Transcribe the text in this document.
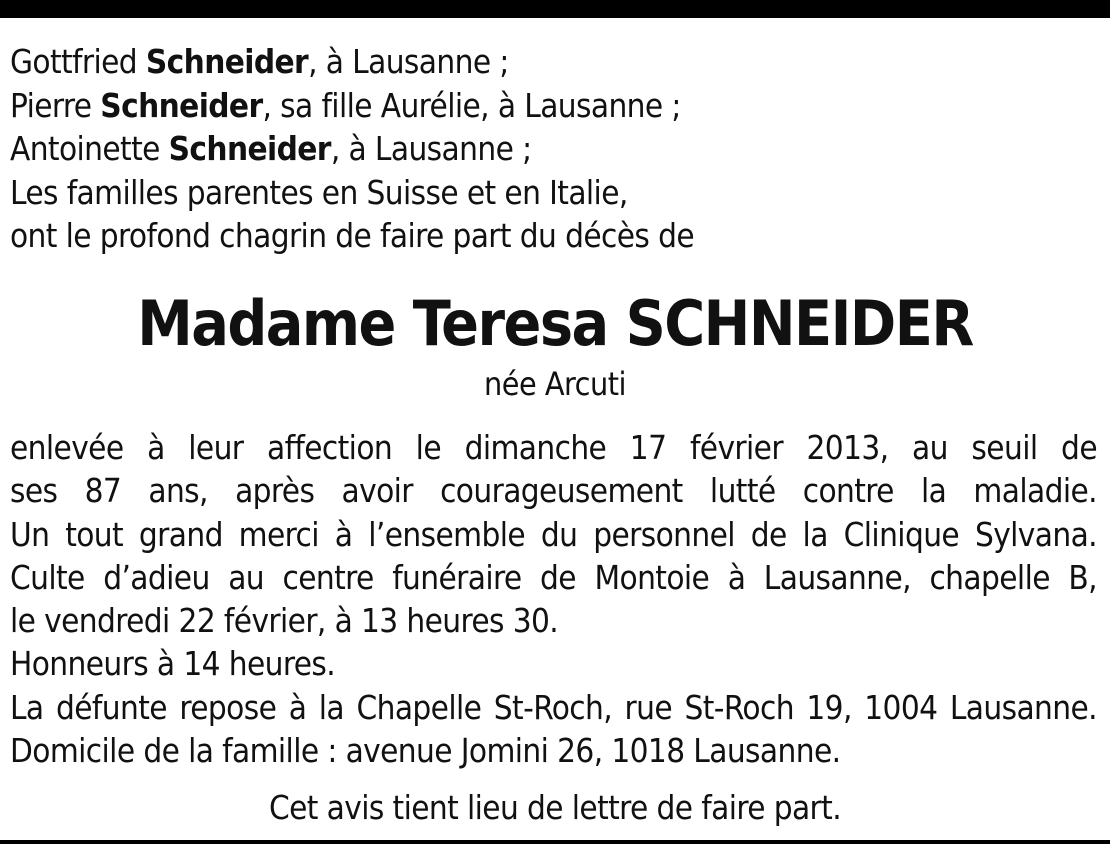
Gottfried Schneider, à Lausanne ;
Pierre Schneider, sa fille Aurélie, à Lausanne ;
Antoinette Schneider, à Lausanne ;
Les familles parentes en Suisse et en Italie,
ont le profond chagrin de faire part du décès de
Madame Teresa SCHNEIDER
née Arcuti
enlevée à leur affection le dimanche 17 février 2013, au seuil de
ses 87 ans, après avoir courageusement lutté contre la maladie.
Un tout grand merci à l’ensemble du personnel de la Clinique Sylvana.
Culte d’adieu au centre funéraire de Montoie à Lausanne, chapelle B,
le vendredi 22 février, à 13 heures 30.
Honneurs à 14 heures.
La défunte repose à la Chapelle St-Roch, rue St-Roch 19, 1004 Lausanne.
Domicile de la famille : avenue Jomini 26, 1018 Lausanne.
Cet avis tient lieu de lettre de faire part.
